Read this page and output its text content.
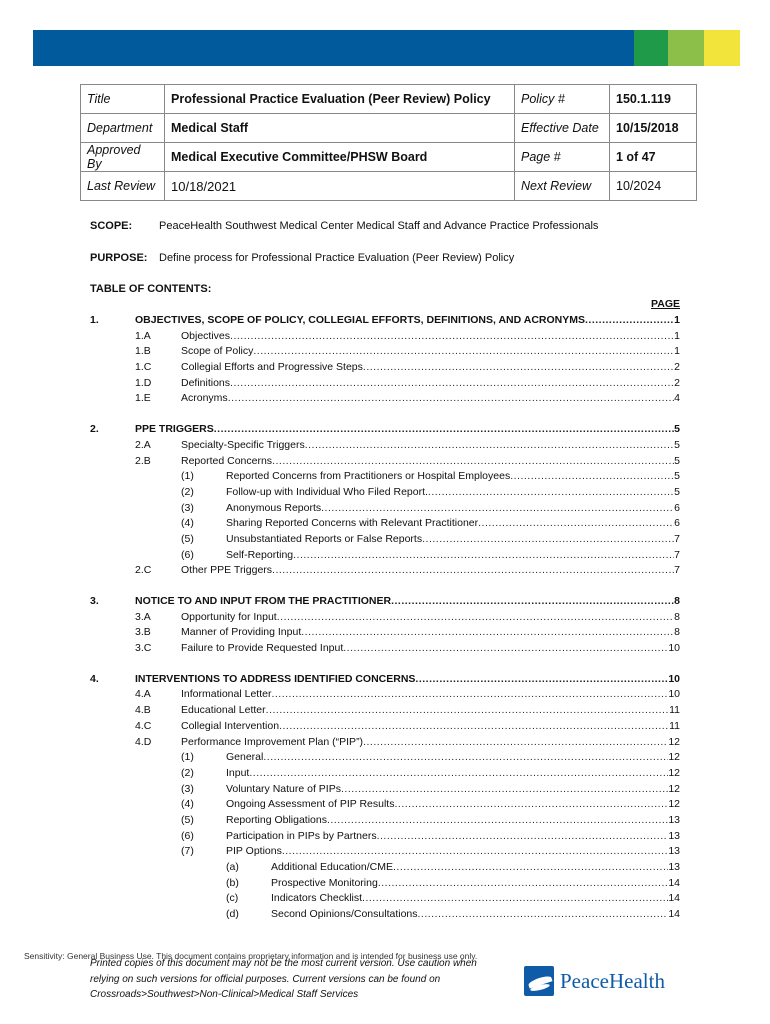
Title	Professional Practice Evaluation (Peer Review) Policy	Policy #	150.1.119
Department	Medical Staff	Effective Date	10/15/2018
Approved By	Medical Executive Committee/PHSW Board	Page #	1 of 47
Last Review	10/18/2021	Next Review	10/2024
SCOPE: PeaceHealth Southwest Medical Center Medical Staff and Advance Practice Professionals
PURPOSE: Define process for Professional Practice Evaluation (Peer Review) Policy
TABLE OF CONTENTS:
PAGE
1.	OBJECTIVES, SCOPE OF POLICY, COLLEGIAL EFFORTS, DEFINITIONS, AND ACRONYMS .....	1
1.A	Objectives .....	1
1.B	Scope of Policy .....	1
1.C	Collegial Efforts and Progressive Steps .....	2
1.D	Definitions .....	2
1.E	Acronyms .....	4
2.	PPE TRIGGERS .....	5
2.A	Specialty-Specific Triggers .....	5
2.B	Reported Concerns .....	5
(1)	Reported Concerns from Practitioners or Hospital Employees .....	5
(2)	Follow-up with Individual Who Filed Report. .....	5
(3)	Anonymous Reports .....	6
(4)	Sharing Reported Concerns with Relevant Practitioner .....	6
(5)	Unsubstantiated Reports or False Reports .....	7
(6)	Self-Reporting .....	7
2.C	Other PPE Triggers .....	7
3.	NOTICE TO AND INPUT FROM THE PRACTITIONER .....	8
3.A	Opportunity for Input .....	8
3.B	Manner of Providing Input .....	8
3.C	Failure to Provide Requested Input .....	10
4.	INTERVENTIONS TO ADDRESS IDENTIFIED CONCERNS .....	10
4.A	Informational Letter .....	10
4.B	Educational Letter .....	11
4.C	Collegial Intervention .....	11
4.D	Performance Improvement Plan (“PIP”) .....	12
(1)	General .....	12
(2)	Input .....	12
(3)	Voluntary Nature of PIPs .....	12
(4)	Ongoing Assessment of PIP Results .....	12
(5)	Reporting Obligations .....	13
(6)	Participation in PIPs by Partners .....	13
(7)	PIP Options .....	13
(a)	Additional Education/CME .....	13
(b)	Prospective Monitoring .....	14
(c)	Indicators Checklist .....	14
(d)	Second Opinions/Consultations .....	14
Sensitivity: General Business Use. This document contains proprietary information and is intended for business use only.
Printed copies of this document may not be the most current version. Use caution when
relying on such versions for official purposes. Current versions can be found on
Crossroads>Southwest>Non-Clinical>Medical Staff Services
PeaceHealth
